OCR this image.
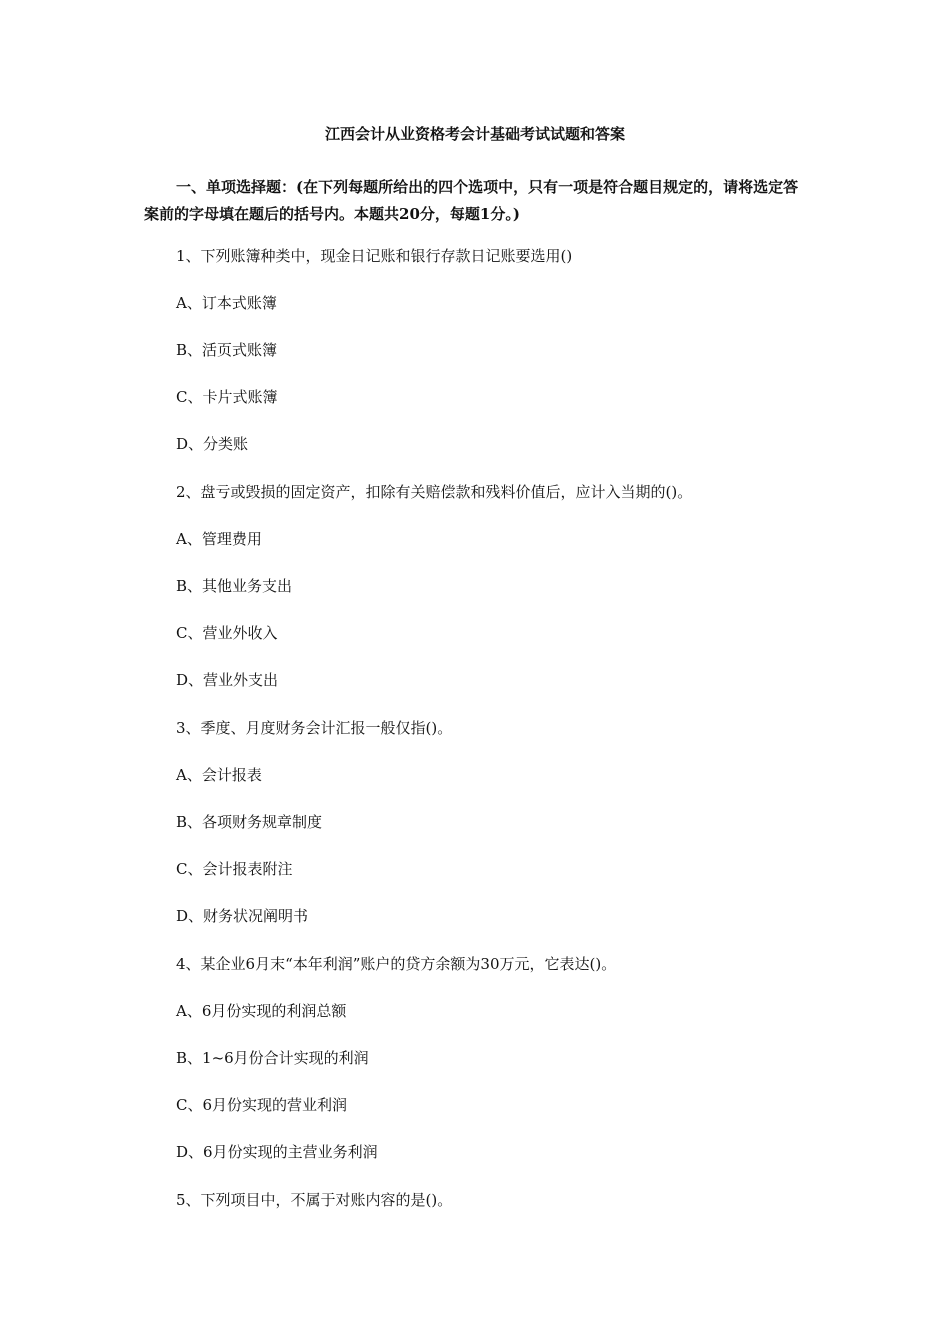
江西会计从业资格考会计基础考试试题和答案

一、单项选择题：(在下列每题所给出的四个选项中，只有一项是符合题目规定的，请将选定答案前的字母填在题后的括号内。本题共20分，每题1分。)

1、下列账簿种类中，现金日记账和银行存款日记账要选用()

A、订本式账簿

B、活页式账簿

C、卡片式账簿

D、分类账

2、盘亏或毁损的固定资产，扣除有关赔偿款和残料价值后，应计入当期的()。

A、管理费用

B、其他业务支出

C、营业外收入

D、营业外支出

3、季度、月度财务会计汇报一般仅指()。

A、会计报表

B、各项财务规章制度

C、会计报表附注

D、财务状况阐明书

4、某企业6月末“本年利润”账户的贷方余额为30万元，它表达()。

A、6月份实现的利润总额

B、1~6月份合计实现的利润

C、6月份实现的营业利润

D、6月份实现的主营业务利润

5、下列项目中，不属于对账内容的是()。
